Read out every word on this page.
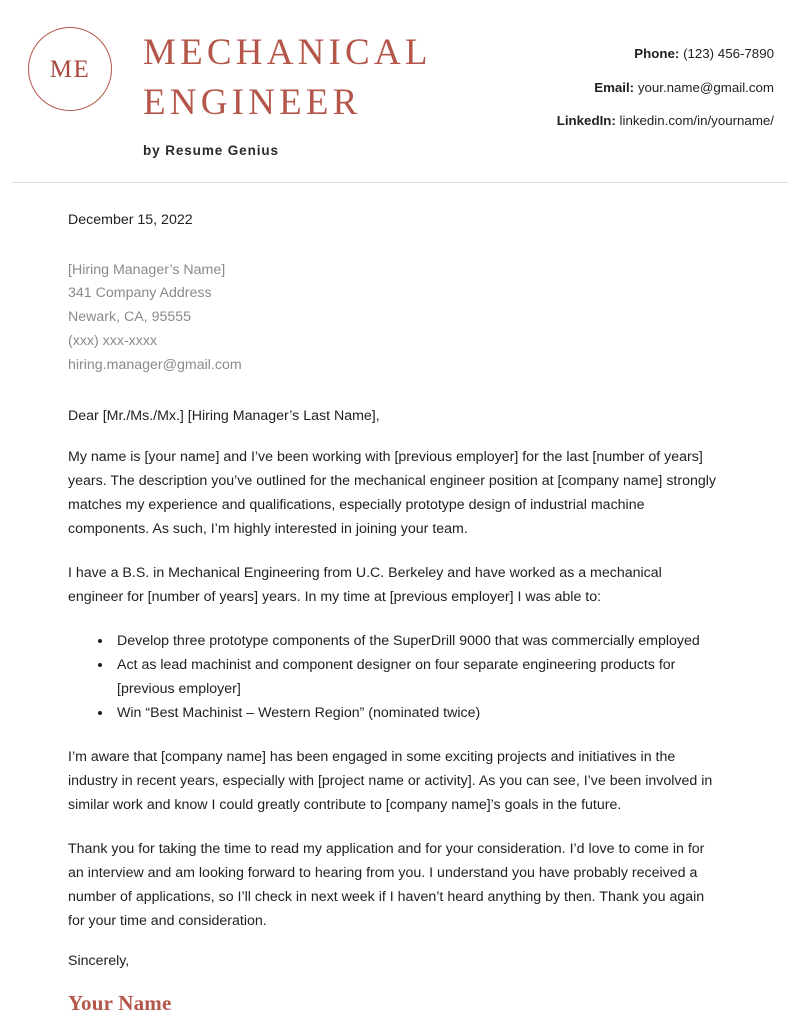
ME MECHANICAL
ENGINEER
by Resume Genius
Phone: (123) 456-7890
Email: your.name@gmail.com
LinkedIn: linkedin.com/in/yourname/
December 15, 2022
[Hiring Manager’s Name]
341 Company Address
Newark, CA, 95555
(xxx) xxx-xxxx
hiring.manager@gmail.com
Dear [Mr./Ms./Mx.] [Hiring Manager’s Last Name],

My name is [your name] and I’ve been working with [previous employer] for the last [number of years] years. The description you’ve outlined for the mechanical engineer position at [company name] strongly matches my experience and qualifications, especially prototype design of industrial machine components. As such, I’m highly interested in joining your team.

I have a B.S. in Mechanical Engineering from U.C. Berkeley and have worked as a mechanical engineer for [number of years] years. In my time at [previous employer] I was able to:

Develop three prototype components of the SuperDrill 9000 that was commercially employed
Act as lead machinist and component designer on four separate engineering products for [previous employer]
Win “Best Machinist – Western Region” (nominated twice)

I’m aware that [company name] has been engaged in some exciting projects and initiatives in the industry in recent years, especially with [project name or activity]. As you can see, I’ve been involved in similar work and know I could greatly contribute to [company name]’s goals in the future.

Thank you for taking the time to read my application and for your consideration. I’d love to come in for an interview and am looking forward to hearing from you. I understand you have probably received a number of applications, so I’ll check in next week if I haven’t heard anything by then. Thank you again for your time and consideration.

Sincerely,
Your Name
